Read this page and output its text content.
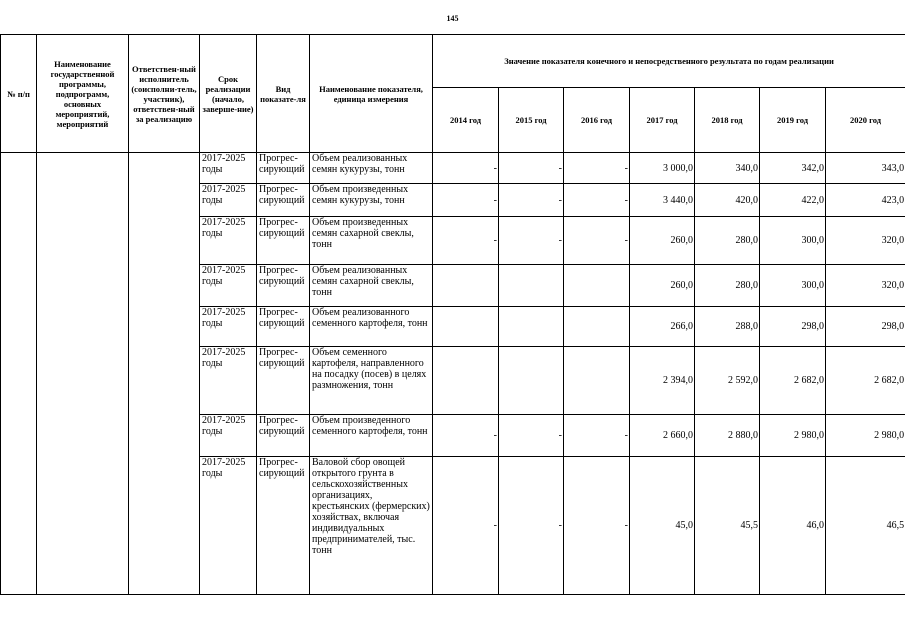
145
№ п/п	Наименование государственной программы, подпрограмм, основных мероприятий, мероприятий	Ответствен-ный исполнитель (соисполни-тель, участник), ответствен-ный за реализацию	Срок реализации (начало, заверше-ние)	Вид показате-ля	Наименование показателя, единица измерения	Значение показателя конечного и непосредственного результата по годам реализации						
						2014 год	2015 год	2016 год	2017 год	2018 год	2019 год	2020 год
			2017-2025 годы	Прогрес-сирующий	Объем реализованных семян кукурузы, тонн	-	-	-	3 000,0	340,0	342,0	343,0
			2017-2025 годы	Прогрес-сирующий	Объем произведенных семян кукурузы, тонн	-	-	-	3 440,0	420,0	422,0	423,0
			2017-2025 годы	Прогрес-сирующий	Объем произведенных семян сахарной свеклы, тонн	-	-	-	260,0	280,0	300,0	320,0
			2017-2025 годы	Прогрес-сирующий	Объем реализованных семян сахарной свеклы, тонн				260,0	280,0	300,0	320,0
			2017-2025 годы	Прогрес-сирующий	Объем реализованного семенного картофеля, тонн				266,0	288,0	298,0	298,0
			2017-2025 годы	Прогрес-сирующий	Объем семенного картофеля, направленного на посадку (посев) в целях размножения, тонн				2 394,0	2 592,0	2 682,0	2 682,0
			2017-2025 годы	Прогрес-сирующий	Объем произведенного семенного картофеля, тонн	-	-	-	2 660,0	2 880,0	2 980,0	2 980,0
			2017-2025 годы	Прогрес-сирующий	Валовой сбор овощей открытого грунта в сельскохозяйственных организациях, крестьянских (фермерских) хозяйствах, включая индивидуальных предпринимателей, тыс. тонн	-	-	-	45,0	45,5	46,0	46,5
